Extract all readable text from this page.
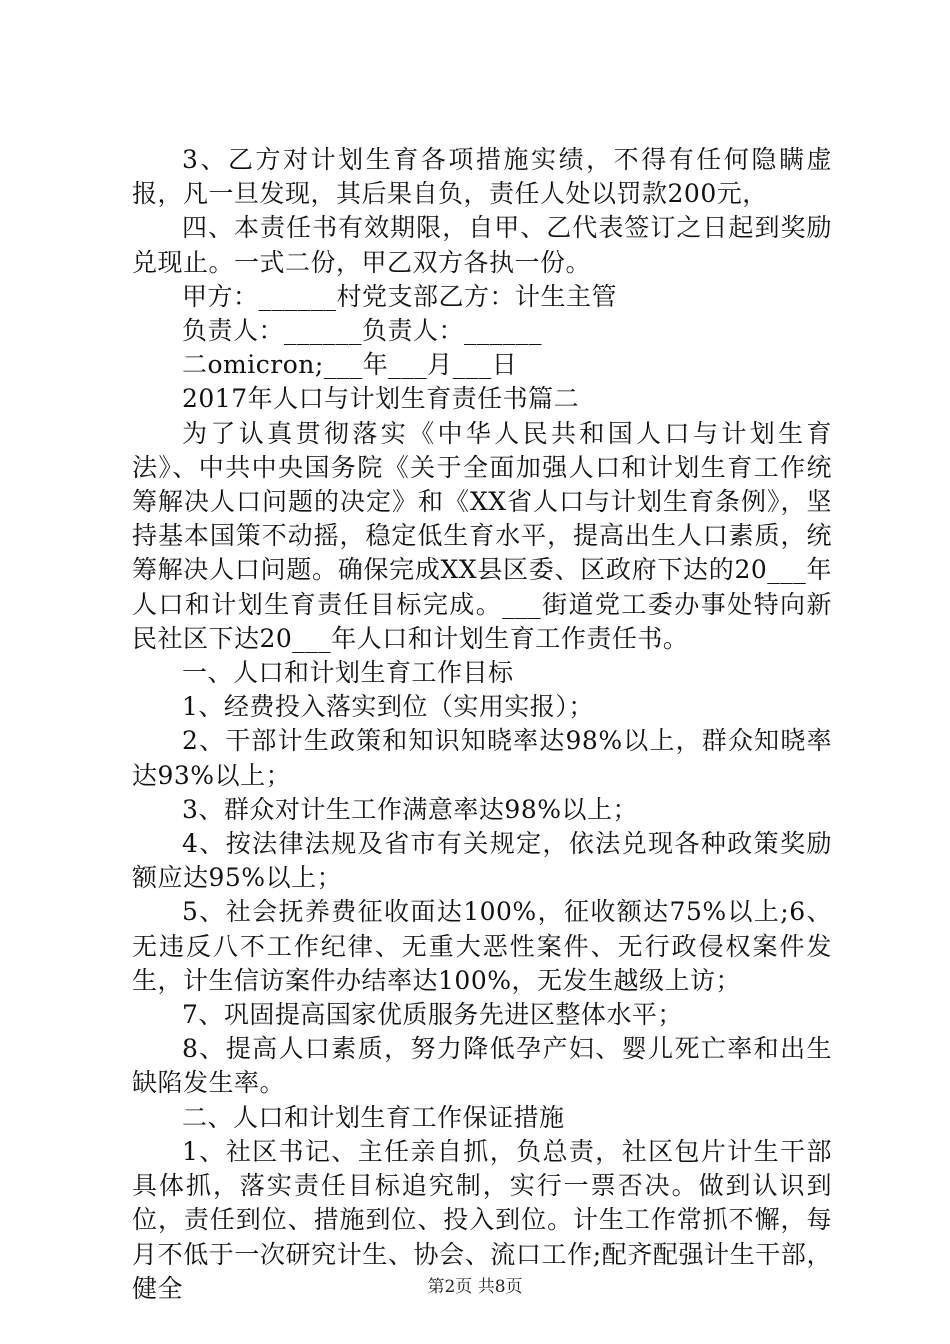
3、乙方对计划生育各项措施实绩，不得有任何隐瞒虚报，凡一旦发现，其后果自负，责任人处以罚款200元，

四、本责任书有效期限，自甲、乙代表签订之日起到奖励兑现止。一式二份，甲乙双方各执一份。

甲方：______村党支部乙方：计生主管

负责人：______负责人：______

二omicron;___年___月___日

2017年人口与计划生育责任书篇二

为了认真贯彻落实《中华人民共和国人口与计划生育法》、中共中央国务院《关于全面加强人口和计划生育工作统筹解决人口问题的决定》和《XX省人口与计划生育条例》，坚持基本国策不动摇，稳定低生育水平，提高出生人口素质，统筹解决人口问题。确保完成XX县区委、区政府下达的20___年人口和计划生育责任目标完成。___街道党工委办事处特向新民社区下达20___年人口和计划生育工作责任书。

一、人口和计划生育工作目标

1、经费投入落实到位（实用实报）；

2、干部计生政策和知识知晓率达98%以上，群众知晓率达93%以上；

3、群众对计生工作满意率达98%以上；

4、按法律法规及省市有关规定，依法兑现各种政策奖励额应达95%以上；

5、社会抚养费征收面达100%，征收额达75%以上;6、无违反八不工作纪律、无重大恶性案件、无行政侵权案件发生，计生信访案件办结率达100%，无发生越级上访；

7、巩固提高国家优质服务先进区整体水平；

8、提高人口素质，努力降低孕产妇、婴儿死亡率和出生缺陷发生率。

二、人口和计划生育工作保证措施

1、社区书记、主任亲自抓，负总责，社区包片计生干部具体抓，落实责任目标追究制，实行一票否决。做到认识到位，责任到位、措施到位、投入到位。计生工作常抓不懈，每月不低于一次研究计生、协会、流口工作;配齐配强计生干部，健全	第2页 共8页
